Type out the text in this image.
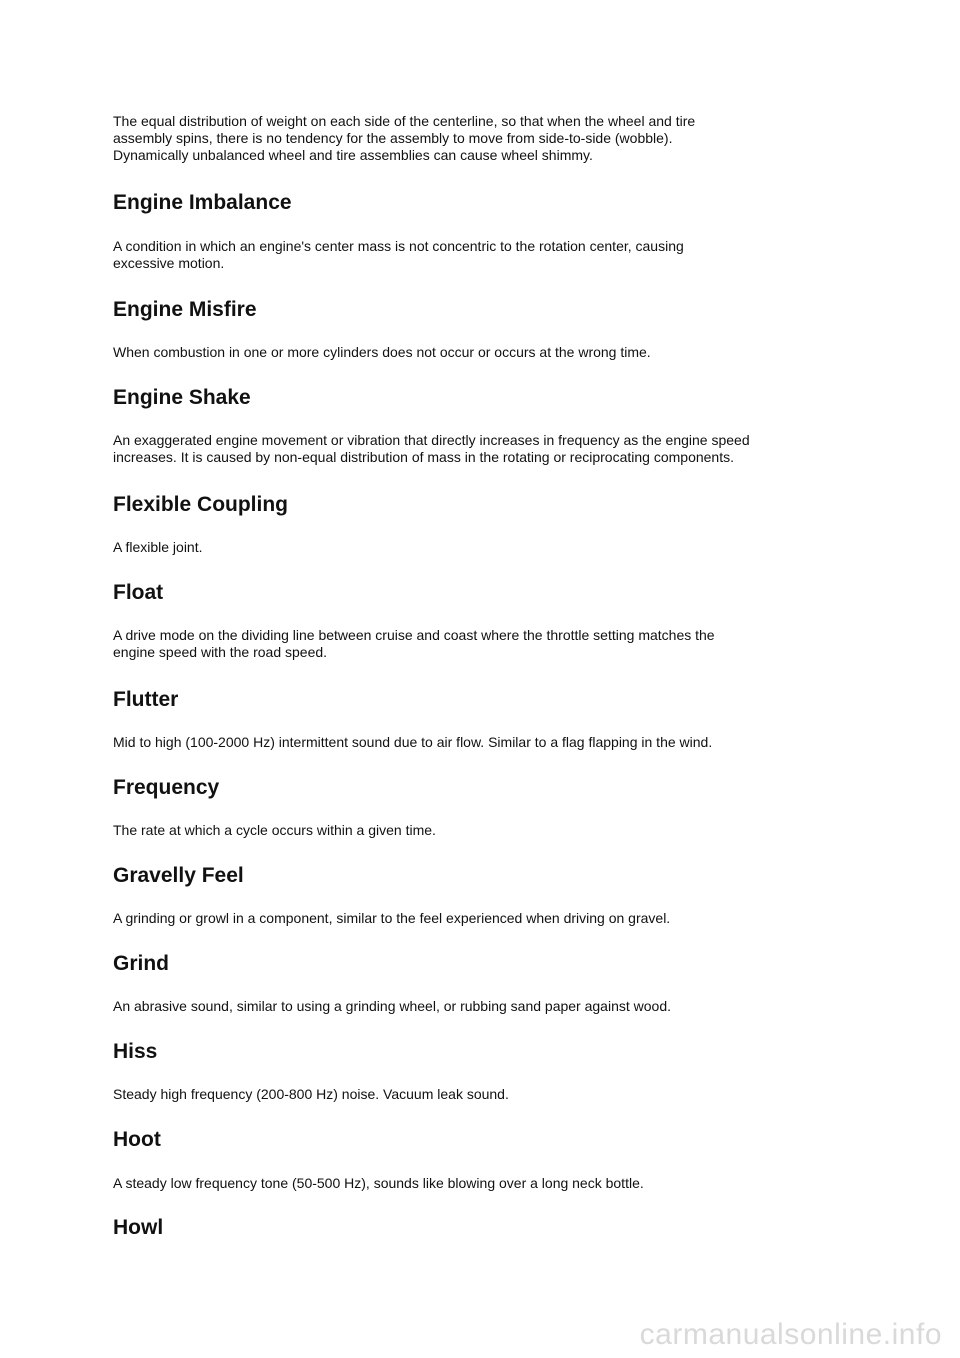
The equal distribution of weight on each side of the centerline, so that when the wheel and tire
assembly spins, there is no tendency for the assembly to move from side-to-side (wobble).
Dynamically unbalanced wheel and tire assemblies can cause wheel shimmy.

Engine Imbalance

A condition in which an engine's center mass is not concentric to the rotation center, causing
excessive motion.

Engine Misfire

When combustion in one or more cylinders does not occur or occurs at the wrong time.

Engine Shake

An exaggerated engine movement or vibration that directly increases in frequency as the engine speed
increases. It is caused by non-equal distribution of mass in the rotating or reciprocating components.

Flexible Coupling

A flexible joint.

Float

A drive mode on the dividing line between cruise and coast where the throttle setting matches the
engine speed with the road speed.

Flutter

Mid to high (100-2000 Hz) intermittent sound due to air flow. Similar to a flag flapping in the wind.

Frequency

The rate at which a cycle occurs within a given time.

Gravelly Feel

A grinding or growl in a component, similar to the feel experienced when driving on gravel.

Grind

An abrasive sound, similar to using a grinding wheel, or rubbing sand paper against wood.

Hiss

Steady high frequency (200-800 Hz) noise. Vacuum leak sound.

Hoot

A steady low frequency tone (50-500 Hz), sounds like blowing over a long neck bottle.

Howl
carmanualsonline.info
